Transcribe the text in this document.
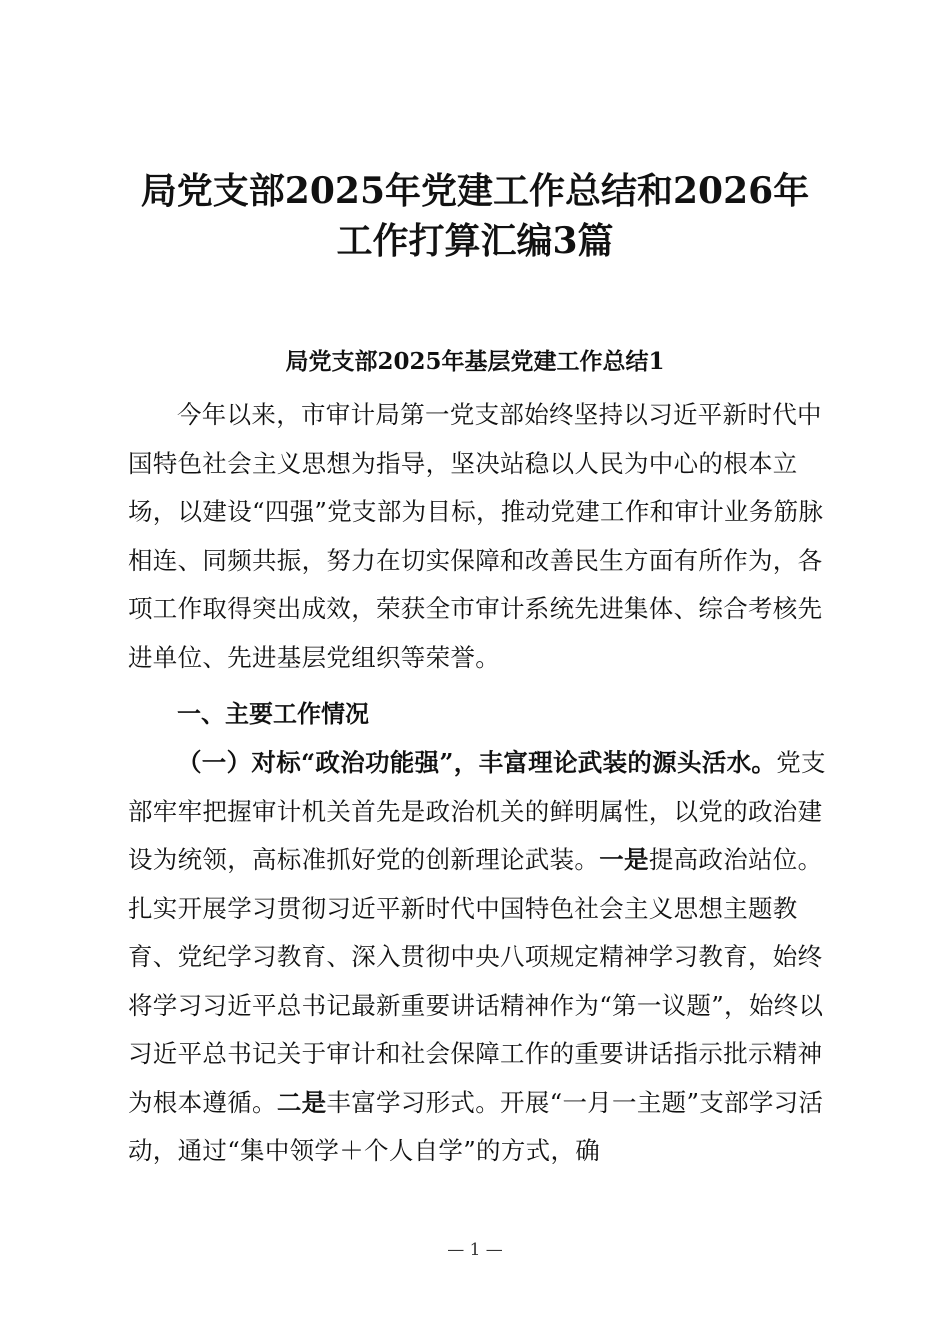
局党支部2025年党建工作总结和2026年
工作打算汇编3篇
局党支部2025年基层党建工作总结1

今年以来，市审计局第一党支部始终坚持以习近平新时代中国特色社会主义思想为指导，坚决站稳以人民为中心的根本立场，以建设“四强”党支部为目标，推动党建工作和审计业务筋脉相连、同频共振，努力在切实保障和改善民生方面有所作为，各项工作取得突出成效，荣获全市审计系统先进集体、综合考核先进单位、先进基层党组织等荣誉。

一、主要工作情况

（一）对标“政治功能强”，丰富理论武装的源头活水。党支部牢牢把握审计机关首先是政治机关的鲜明属性，以党的政治建设为统领，高标准抓好党的创新理论武装。一是提高政治站位。扎实开展学习贯彻习近平新时代中国特色社会主义思想主题教育、党纪学习教育、深入贯彻中央八项规定精神学习教育，始终将学习习近平总书记最新重要讲话精神作为“第一议题”，始终以习近平总书记关于审计和社会保障工作的重要讲话指示批示精神为根本遵循。二是丰富学习形式。开展“一月一主题”支部学习活动，通过“集中领学＋个人自学”的方式，确

— 1 —
